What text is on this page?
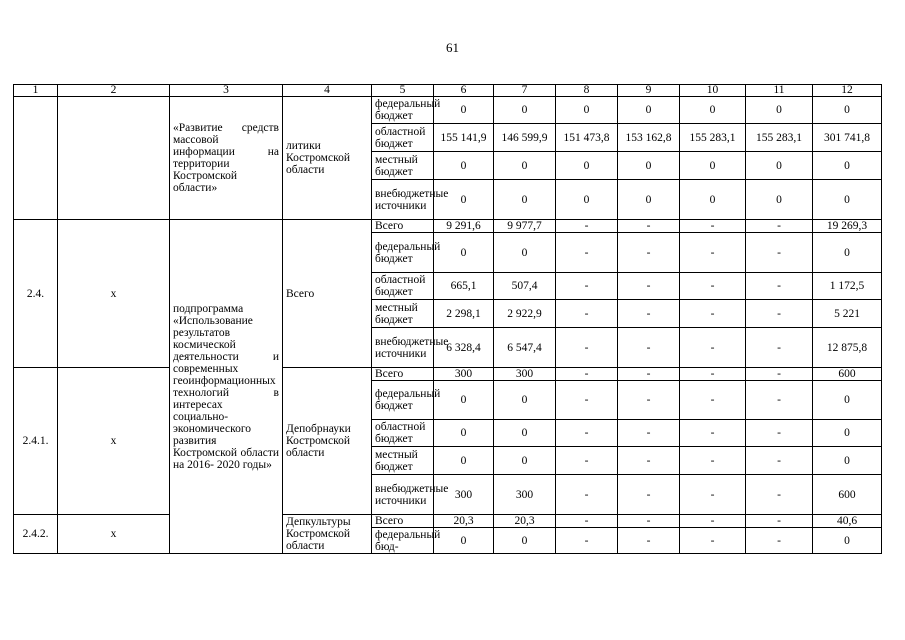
61
1	2	3	4	5	6	7	8	9	10	11	12
		«Развитие средств массовой информации на территории Костромской области»	литики Костромской области	федеральный бюджет	0	0	0	0	0	0	0
				областной бюджет	155 141,9	146 599,9	151 473,8	153 162,8	155 283,1	155 283,1	301 741,8
				местный бюджет	0	0	0	0	0	0	0
				внебюджетные источники	0	0	0	0	0	0	0
2.4.	х	подпрограмма «Использование результатов космической деятельности и современных геоинформационных технологий в интересах социально-экономического развития Костромской области на 2016- 2020 годы»	Всего	Всего	9 291,6	9 977,7	-	-	-	-	19 269,3
				федеральный бюджет	0	0	-	-	-	-	0
				областной бюджет	665,1	507,4	-	-	-	-	1 172,5
				местный бюджет	2 298,1	2 922,9	-	-	-	-	5 221
				внебюджетные источники	6 328,4	6 547,4	-	-	-	-	12 875,8
2.4.1.	х		Депобрнауки Костромской области	Всего	300	300	-	-	-	-	600
				федеральный бюджет	0	0	-	-	-	-	0
				областной бюджет	0	0	-	-	-	-	0
				местный бюджет	0	0	-	-	-	-	0
				внебюджетные источники	300	300	-	-	-	-	600
2.4.2.	х		Депкультуры Костромской области	Всего	20,3	20,3	-	-	-	-	40,6
				федеральный бюд-	0	0	-	-	-	-	0
